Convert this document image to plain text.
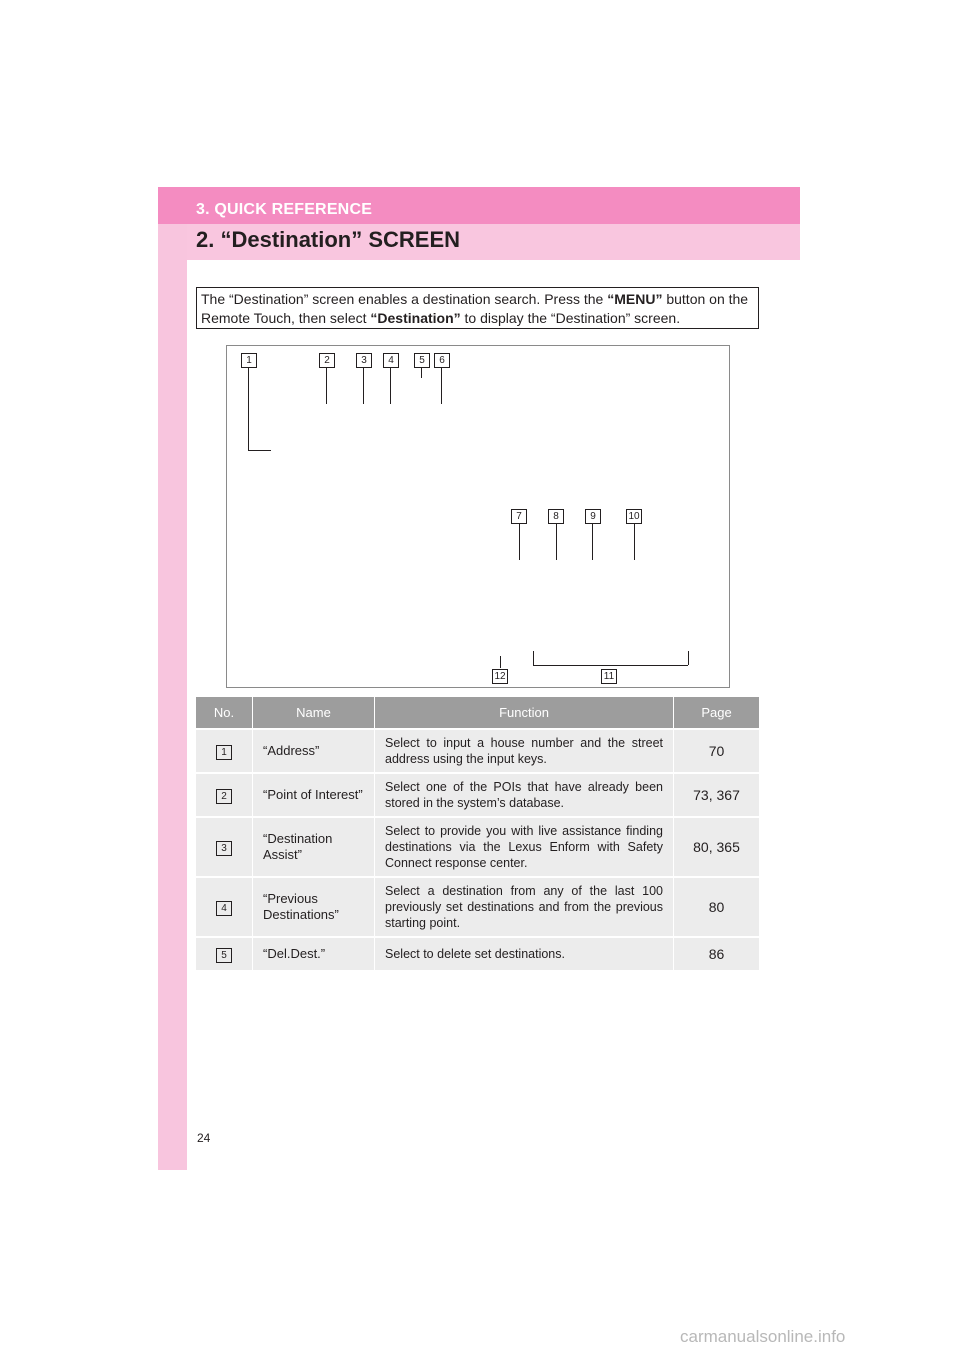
3. QUICK REFERENCE
2. “Destination” SCREEN
The “Destination” screen enables a destination search. Press the “MENU” button on the Remote Touch, then select “Destination” to display the “Destination” screen.
1	2	3	4	5	6
7	8	9	10
11
12
No.	Name	Function	Page
1	“Address”	Select to input a house number and the street address using the input keys.	70
2	“Point of Interest”	Select one of the POIs that have already been stored in the system’s database.	73, 367
3	“Destination Assist”	Select to provide you with live assistance finding destinations via the Lexus Enform with Safety Connect response center.	80, 365
4	“Previous Destinations”	Select a destination from any of the last 100 previously set destinations and from the previous starting point.	80
5	“Del.Dest.”	Select to delete set destinations.	86
24
carmanualsonline.info
